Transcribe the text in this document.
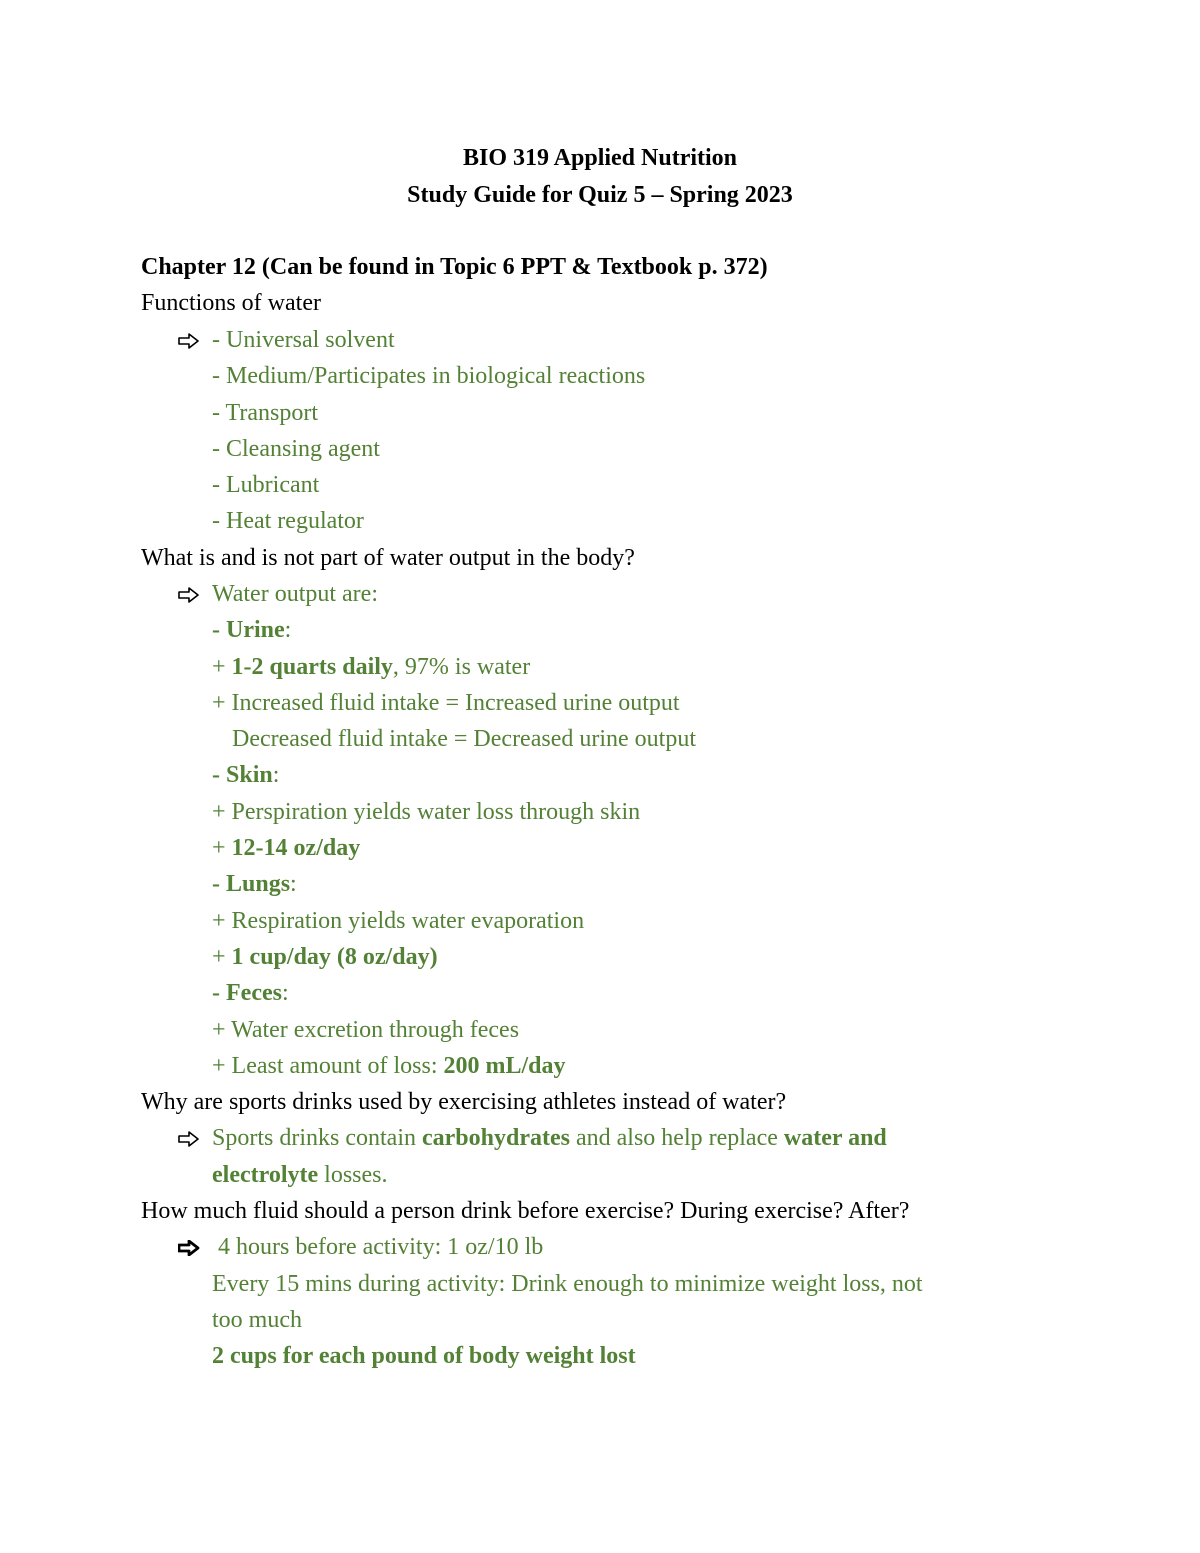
BIO 319 Applied Nutrition
Study Guide for Quiz 5 – Spring 2023
Chapter 12 (Can be found in Topic 6 PPT & Textbook p. 372)
Functions of water
- Universal solvent
- Medium/Participates in biological reactions
- Transport
- Cleansing agent
- Lubricant
- Heat regulator
What is and is not part of water output in the body?
Water output are:
- Urine:
+ 1-2 quarts daily, 97% is water
+ Increased fluid intake = Increased urine output
Decreased fluid intake = Decreased urine output
- Skin:
+ Perspiration yields water loss through skin
+ 12-14 oz/day
- Lungs:
+ Respiration yields water evaporation
+ 1 cup/day (8 oz/day)
- Feces:
+ Water excretion through feces
+ Least amount of loss: 200 mL/day
Why are sports drinks used by exercising athletes instead of water?
Sports drinks contain carbohydrates and also help replace water and
electrolyte losses.
How much fluid should a person drink before exercise? During exercise? After?
4 hours before activity: 1 oz/10 lb
Every 15 mins during activity: Drink enough to minimize weight loss, not
too much
2 cups for each pound of body weight lost
